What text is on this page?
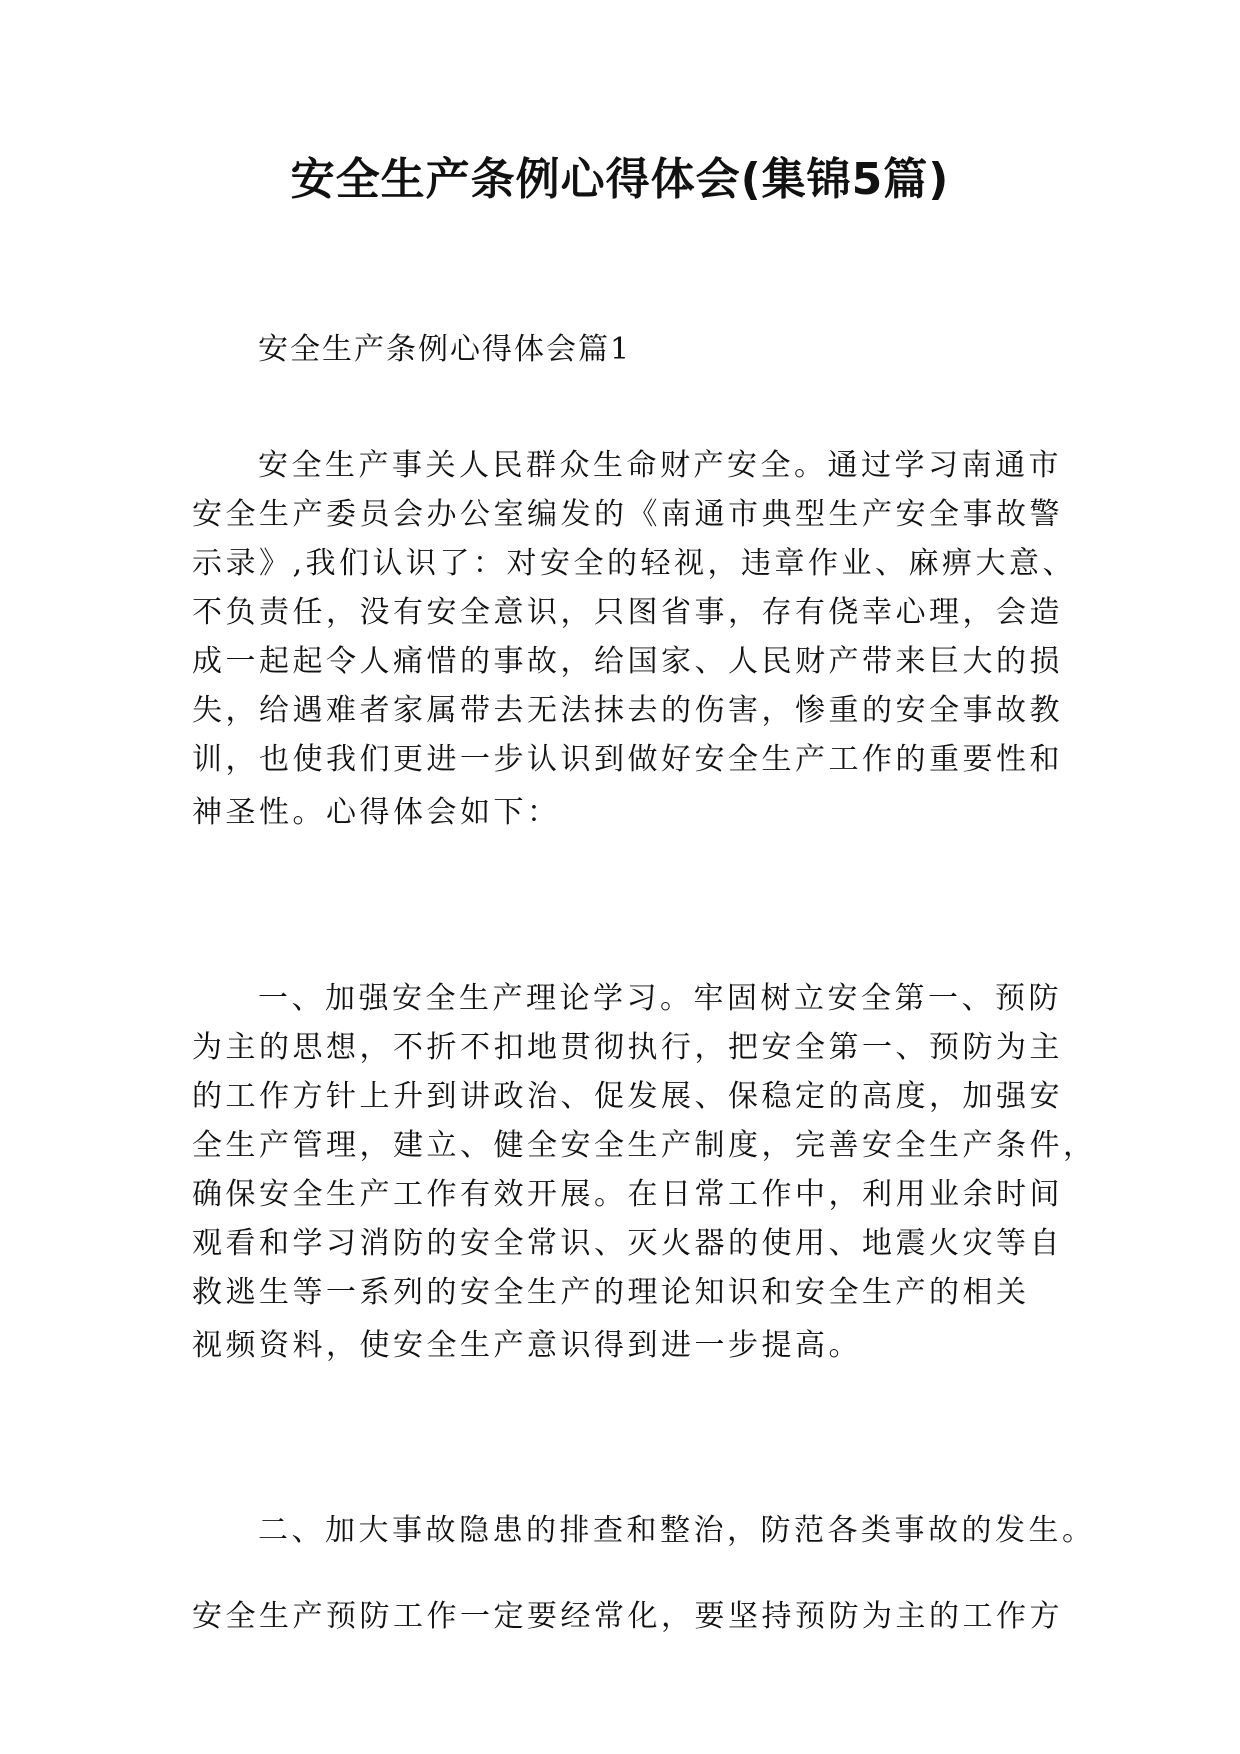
安全生产条例心得体会(集锦5篇)
安全生产条例心得体会篇1
安全生产事关人民群众生命财产安全。通过学习南通市
安全生产委员会办公室编发的《南通市典型生产安全事故警
示录》,我们认识了：对安全的轻视，违章作业、麻痹大意、
不负责任，没有安全意识，只图省事，存有侥幸心理，会造
成一起起令人痛惜的事故，给国家、人民财产带来巨大的损
失，给遇难者家属带去无法抹去的伤害，惨重的安全事故教
训，也使我们更进一步认识到做好安全生产工作的重要性和
神圣性。心得体会如下：
一、加强安全生产理论学习。牢固树立安全第一、预防
为主的思想，不折不扣地贯彻执行，把安全第一、预防为主
的工作方针上升到讲政治、促发展、保稳定的高度，加强安
全生产管理，建立、健全安全生产制度，完善安全生产条件，
确保安全生产工作有效开展。在日常工作中，利用业余时间
观看和学习消防的安全常识、灭火器的使用、地震火灾等自
救逃生等一系列的安全生产的理论知识和安全生产的相关
视频资料，使安全生产意识得到进一步提高。
二、加大事故隐患的排查和整治，防范各类事故的发生。
安全生产预防工作一定要经常化，要坚持预防为主的工作方
